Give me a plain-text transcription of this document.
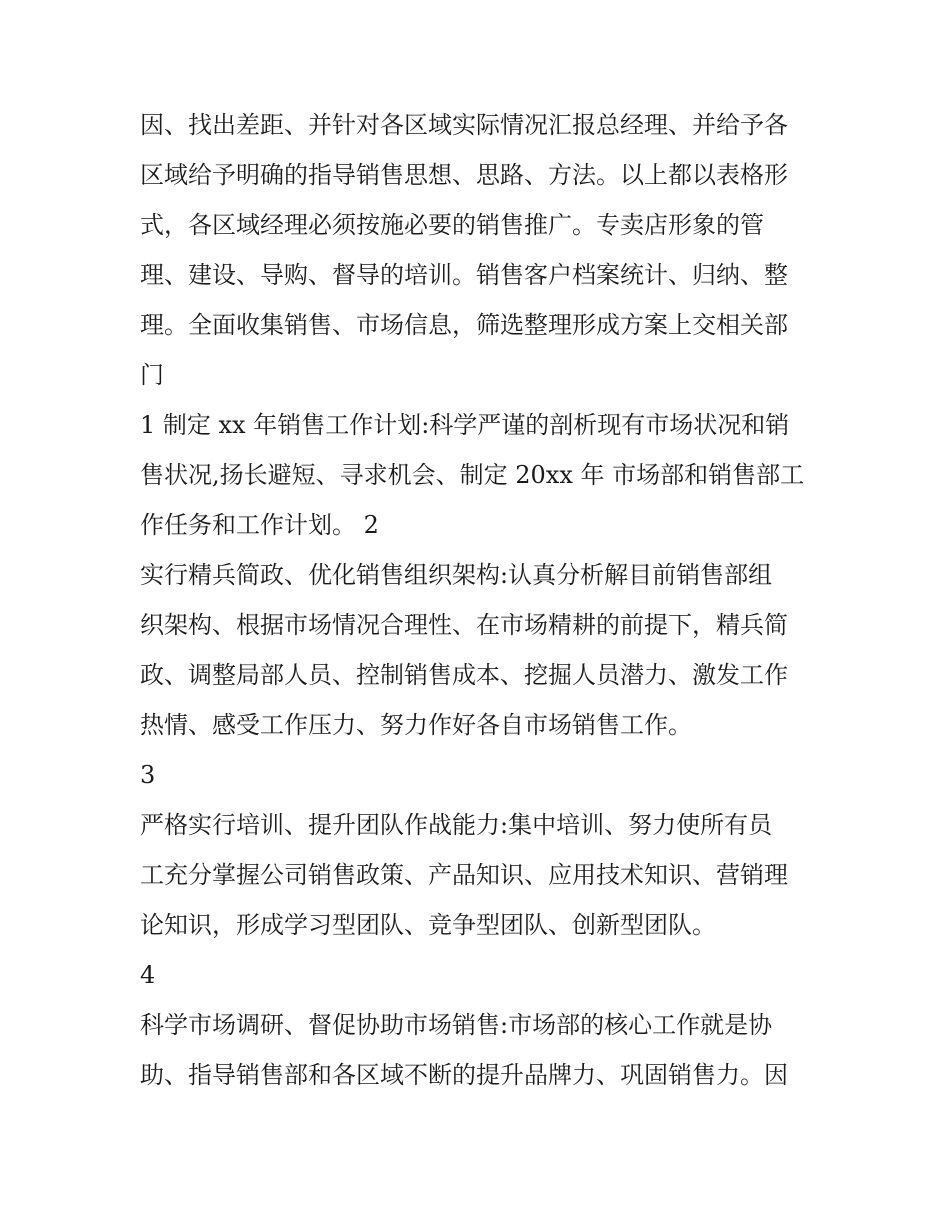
因、找出差距、并针对各区域实际情况汇报总经理、并给予各
区域给予明确的指导销售思想、思路、方法。以上都以表格形
式，各区域经理必须按施必要的销售推广。专卖店形象的管
理、建设、导购、督导的培训。销售客户档案统计、归纳、整
理。全面收集销售、市场信息，筛选整理形成方案上交相关部
门
1 制定 xx 年销售工作计划:科学严谨的剖析现有市场状况和销
售状况,扬长避短、寻求机会、制定 20xx 年 市场部和销售部工
作任务和工作计划。 2
实行精兵简政、优化销售组织架构:认真分析解目前销售部组
织架构、根据市场情况合理性、在市场精耕的前提下，精兵简
政、调整局部人员、控制销售成本、挖掘人员潜力、激发工作
热情、感受工作压力、努力作好各自市场销售工作。
3
严格实行培训、提升团队作战能力:集中培训、努力使所有员
工充分掌握公司销售政策、产品知识、应用技术知识、营销理
论知识，形成学习型团队、竞争型团队、创新型团队。
4
科学市场调研、督促协助市场销售:市场部的核心工作就是协
助、指导销售部和各区域不断的提升品牌力、巩固销售力。因
